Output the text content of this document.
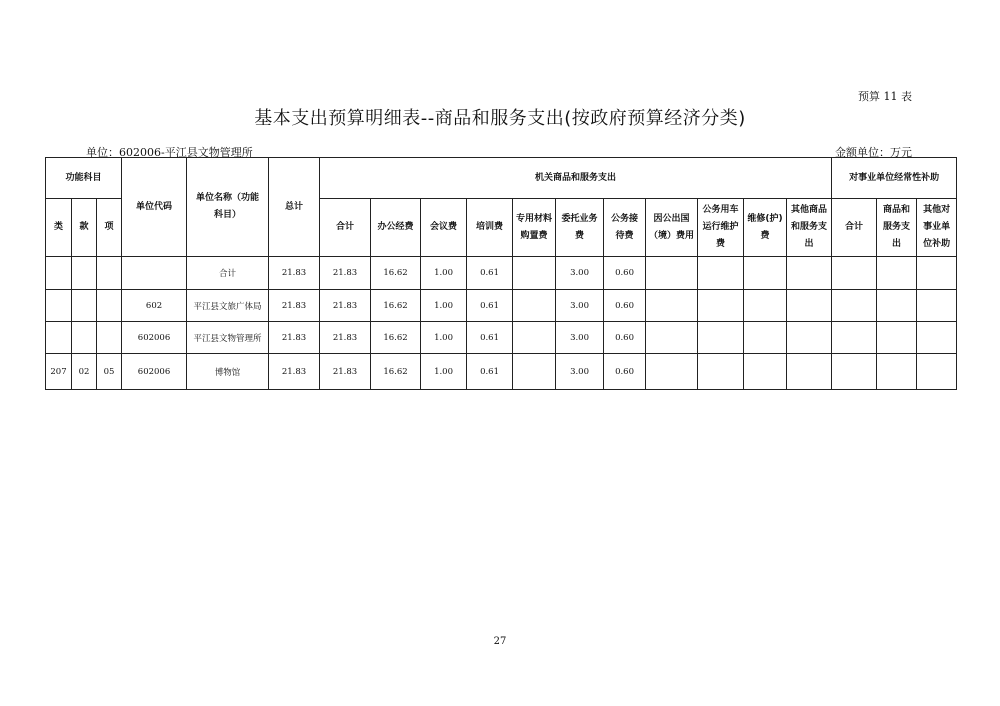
预算 11 表
基本支出预算明细表--商品和服务支出(按政府预算经济分类)
单位：602006-平江县文物管理所	金额单位：万元
功能科目			单位代码	单位名称（功能科目）	总计	机关商品和服务支出											对事业单位经常性补助		
类	款	项				合计	办公经费	会议费	培训费	专用材料购置费	委托业务费	公务接待费	因公出国（境）费用	公务用车运行维护费	维修(护)费	其他商品和服务支出	合计	商品和服务支出	其他对事业单位补助
				合计	21.83	21.83	16.62	1.00	0.61		3.00	0.60							
			602	平江县文旅广体局	21.83	21.83	16.62	1.00	0.61		3.00	0.60							
			602006	平江县文物管理所	21.83	21.83	16.62	1.00	0.61		3.00	0.60							
207	02	05	602006	博物馆	21.83	21.83	16.62	1.00	0.61		3.00	0.60							
27
